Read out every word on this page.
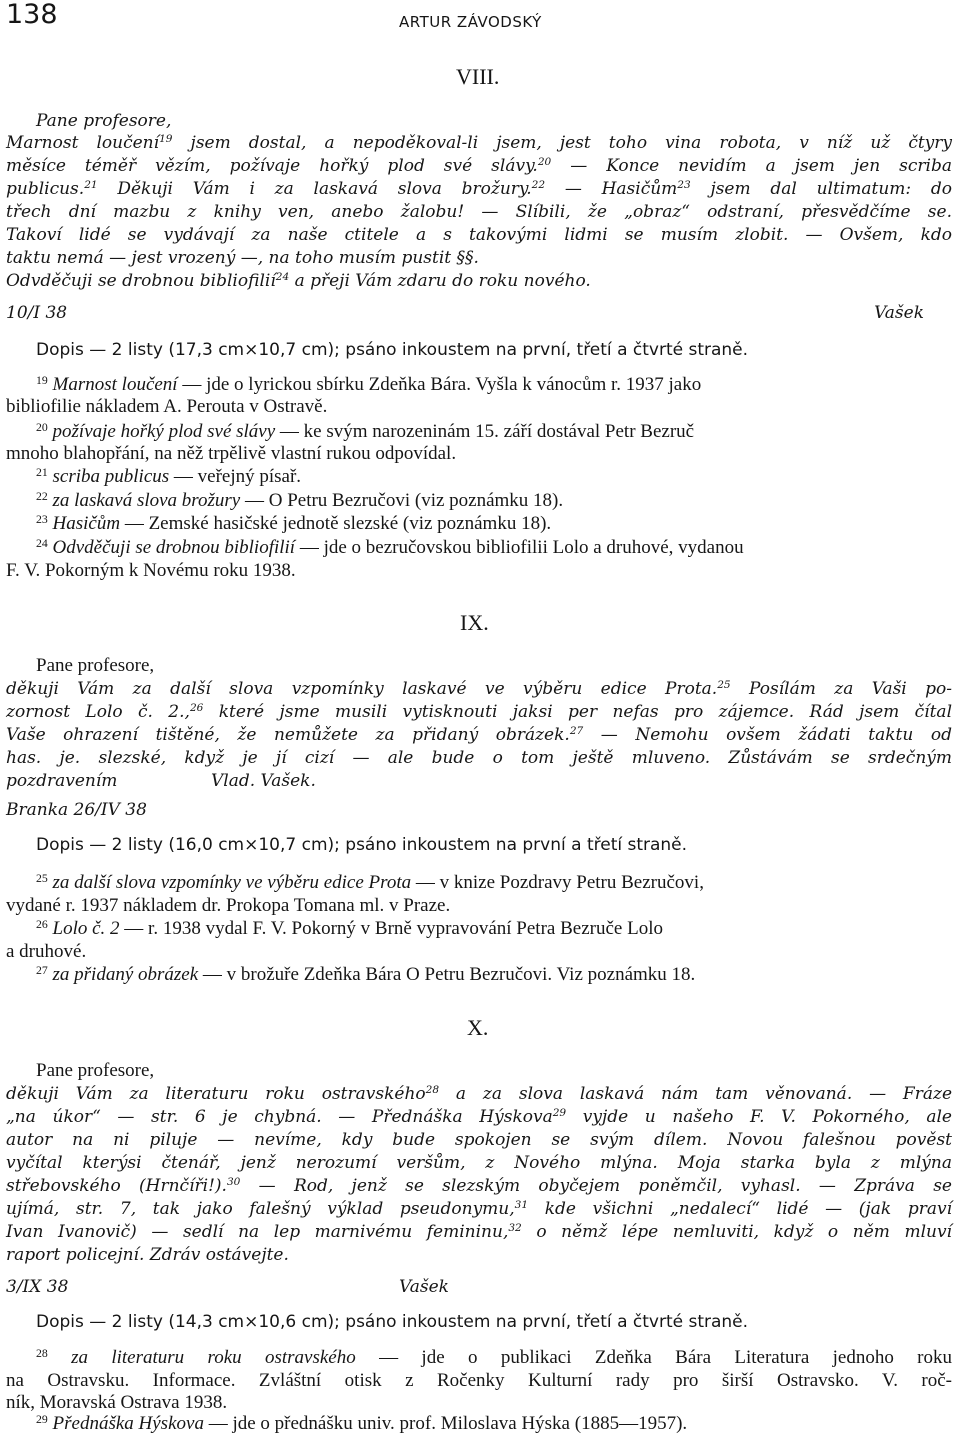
138	ARTUR ZÁVODSKÝ
VIII.
Pane profesore,
Marnost loučení$^{19}$ jsem dostal, a nepoděkoval-li jsem, jest toho vina robota, v níž už čtyry
měsíce téměř vězím, požívaje hořký plod své slávy.$^{20}$ — Konce nevidím a jsem jen scriba
publicus.$^{21}$ Děkuji Vám i za laskavá slova brožury.$^{22}$ — Hasičům$^{23}$ jsem dal ultimatum: do
třech dní mazbu z knihy ven, anebo žalobu! — Slíbili, že „obraz“ odstraní, přesvědčíme se.
Takoví lidé se vydávají za naše ctitele a s takovými lidmi se musím zlobit. — Ovšem, kdo
taktu nemá — jest vrozený —, na toho musím pustit §§.
Odvděčuji se drobnou bibliofilií$^{24}$ a přeji Vám zdaru do roku nového.
10/I 38	Vašek
Dopis — 2 listy (17,3 cm×10,7 cm); psáno inkoustem na první, třetí a čtvrté straně.
$^{19}$ Marnost loučení — jde o lyrickou sbírku Zdeňka Bára. Vyšla k vánocům r. 1937 jako
bibliofilie nákladem A. Perouta v Ostravě.
$^{20}$ požívaje hořký plod své slávy — ke svým narozeninám 15. září dostával Petr Bezruč
mnoho blahopřání, na něž trpělivě vlastní rukou odpovídal.
$^{21}$ scriba publicus — veřejný písař.
$^{22}$ za laskavá slova brožury — O Petru Bezručovi (viz poznámku 18).
$^{23}$ Hasičům — Zemské hasičské jednotě slezské (viz poznámku 18).
$^{24}$ Odvděčuji se drobnou bibliofilií — jde o bezručovskou bibliofilii Lolo a druhové, vydanou
F. V. Pokorným k Novému roku 1938.
IX.
Pane profesore,
děkuji Vám za další slova vzpomínky laskavé ve výběru edice Prota.$^{25}$ Posílám za Vaši po-
zornost Lolo č. 2.,$^{26}$ které jsme musili vytisknouti jaksi per nefas pro zájemce. Rád jsem čítal
Vaše ohrazení tištěné, že nemůžete za přidaný obrázek.$^{27}$ — Nemohu ovšem žádati taktu od
has. je. slezské, když je jí cizí — ale bude o tom ještě mluveno. Zůstávám se srdečným
pozdravením	Vlad. Vašek.
Branka 26/IV 38
Dopis — 2 listy (16,0 cm×10,7 cm); psáno inkoustem na první a třetí straně.
$^{25}$ za další slova vzpomínky ve výběru edice Prota — v knize Pozdravy Petru Bezručovi,
vydané r. 1937 nákladem dr. Prokopa Tomana ml. v Praze.
$^{26}$ Lolo č. 2 — r. 1938 vydal F. V. Pokorný v Brně vypravování Petra Bezruče Lolo
a druhové.
$^{27}$ za přidaný obrázek — v brožuře Zdeňka Bára O Petru Bezručovi. Viz poznámku 18.
X.
Pane profesore,
děkuji Vám za literaturu roku ostravského$^{28}$ a za slova laskavá nám tam věnovaná. — Fráze
„na úkor“ — str. 6 je chybná. — Přednáška Hýskova$^{29}$ vyjde u našeho F. V. Pokorného, ale
autor na ni piluje — nevíme, kdy bude spokojen se svým dílem. Novou falešnou pověst
vyčítal kterýsi čtenář, jenž nerozumí veršům, z Nového mlýna. Moja starka byla z mlýna
střebovského (Hrnčíři!).$^{30}$ — Rod, jenž se slezským obyčejem poněmčil, vyhasl. — Zpráva se
ujímá, str. 7, tak jako falešný výklad pseudonymu,$^{31}$ kde všichni „nedalecí“ lidé — (jak praví
Ivan Ivanovič) — sedlí na lep marnivému femininu,$^{32}$ o němž lépe nemluviti, když o něm mluví
raport policejní. Zdráv ostávejte.
3/IX 38	Vašek
Dopis — 2 listy (14,3 cm×10,6 cm); psáno inkoustem na první, třetí a čtvrté straně.
$^{28}$ za literaturu roku ostravského — jde o publikaci Zdeňka Bára Literatura jednoho roku
na Ostravsku. Informace. Zvláštní otisk z Ročenky Kulturní rady pro širší Ostravsko. V. roč-
ník, Moravská Ostrava 1938.
$^{29}$ Přednáška Hýskova — jde o přednášku univ. prof. Miloslava Hýska (1885—1957).
